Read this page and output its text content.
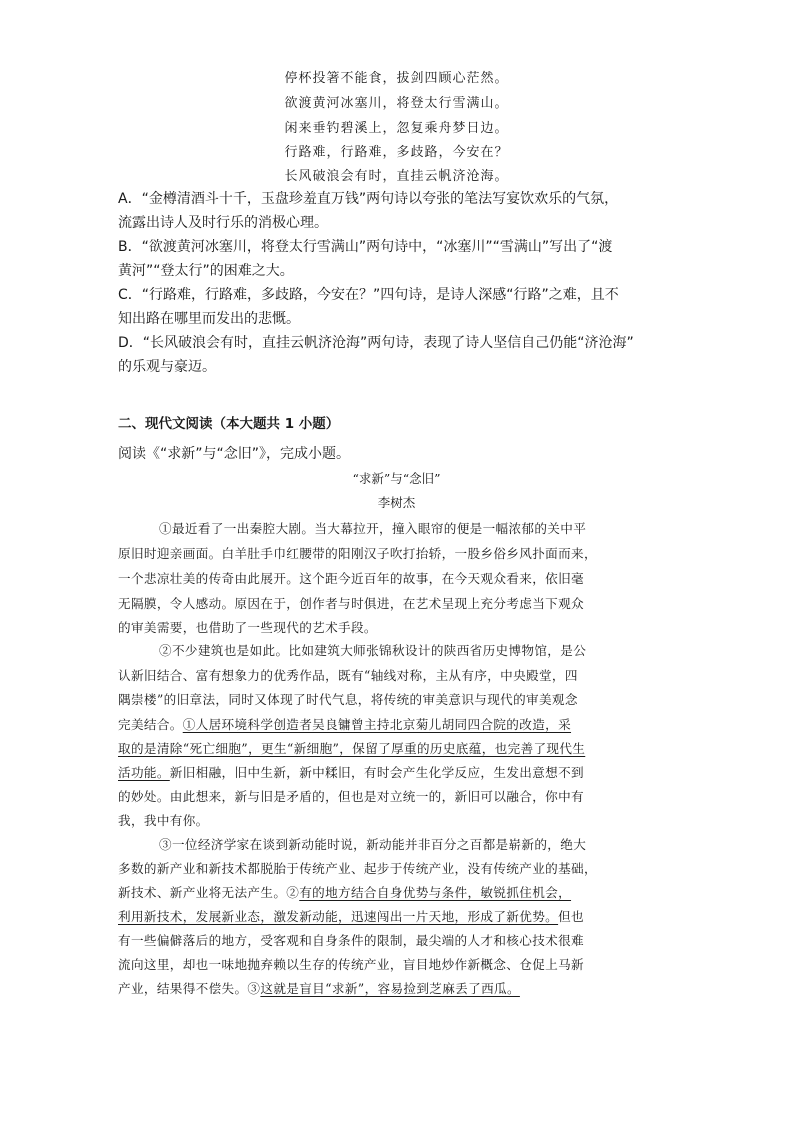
停杯投箸不能食，拔剑四顾心茫然。
欲渡黄河冰塞川，将登太行雪满山。
闲来垂钓碧溪上，忽复乘舟梦日边。
行路难，行路难，多歧路，今安在？
长风破浪会有时，直挂云帆济沧海。
A．“金樽清酒斗十千，玉盘珍羞直万钱”两句诗以夸张的笔法写宴饮欢乐的气氛，
流露出诗人及时行乐的消极心理。
B．“欲渡黄河冰塞川，将登太行雪满山”两句诗中，“冰塞川”“雪满山”写出了“渡
黄河”“登太行”的困难之大。
C．“行路难，行路难，多歧路，今安在？”四句诗，是诗人深感“行路”之难，且不
知出路在哪里而发出的悲慨。
D．“长风破浪会有时，直挂云帆济沧海”两句诗，表现了诗人坚信自己仍能“济沧海”
的乐观与豪迈。
二、现代文阅读（本大题共 1 小题）
阅读《“求新”与“念旧”》，完成小题。
“求新”与“念旧”
李树杰
①最近看了一出秦腔大剧。当大幕拉开，撞入眼帘的便是一幅浓郁的关中平
原旧时迎亲画面。白羊肚手巾红腰带的阳刚汉子吹打抬轿，一股乡俗乡风扑面而来，
一个悲凉壮美的传奇由此展开。这个距今近百年的故事，在今天观众看来，依旧毫
无隔膜，令人感动。原因在于，创作者与时俱进，在艺术呈现上充分考虑当下观众
的审美需要，也借助了一些现代的艺术手段。
②不少建筑也是如此。比如建筑大师张锦秋设计的陕西省历史博物馆，是公
认新旧结合、富有想象力的优秀作品，既有“轴线对称，主从有序，中央殿堂，四
隅崇楼”的旧章法，同时又体现了时代气息，将传统的审美意识与现代的审美观念
完美结合。①人居环境科学创造者吴良镛曾主持北京菊儿胡同四合院的改造，采
取的是清除“死亡细胞”，更生“新细胞”，保留了厚重的历史底蕴，也完善了现代生
活功能。新旧相融，旧中生新，新中糅旧，有时会产生化学反应，生发出意想不到
的妙处。由此想来，新与旧是矛盾的，但也是对立统一的，新旧可以融合，你中有
我，我中有你。
③一位经济学家在谈到新动能时说，新动能并非百分之百都是崭新的，绝大
多数的新产业和新技术都脱胎于传统产业、起步于传统产业，没有传统产业的基础，
新技术、新产业将无法产生。②有的地方结合自身优势与条件，敏锐抓住机会，
利用新技术，发展新业态，激发新动能，迅速闯出一片天地，形成了新优势。但也
有一些偏僻落后的地方，受客观和自身条件的限制，最尖端的人才和核心技术很难
流向这里，却也一味地抛弃赖以生存的传统产业，盲目地炒作新概念、仓促上马新
产业，结果得不偿失。③这就是盲目“求新”，容易捡到芝麻丢了西瓜。
